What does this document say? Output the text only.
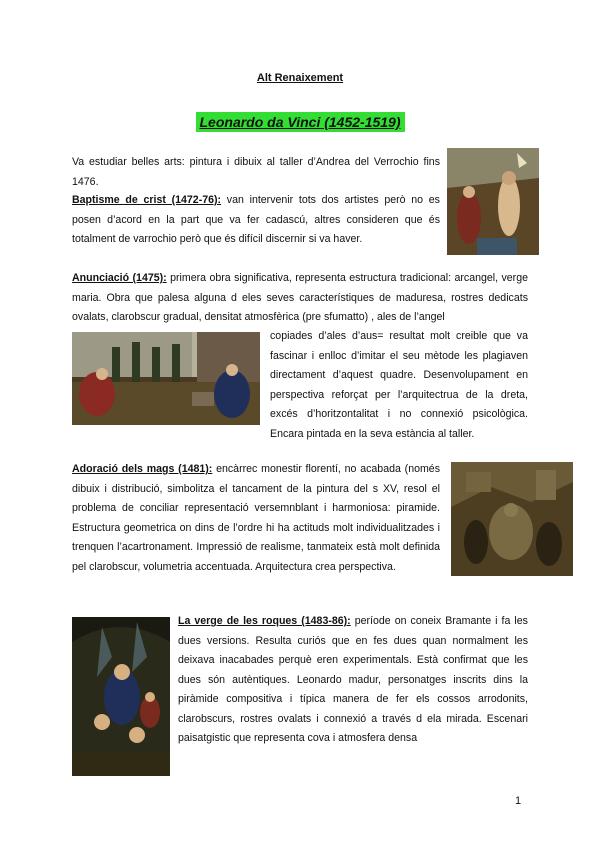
Alt Renaixement
Leonardo da Vinci (1452-1519)

Va estudiar belles arts: pintura i dibuix al taller d’Andrea del Verrochio fins 1476.

Baptisme de crist (1472-76): van intervenir tots dos artistes però no es posen d’acord en la part que va fer cadascú, altres consideren que és totalment de varrochio però que és difícil discernir si va haver.

Anunciació (1475): primera obra significativa, representa estructura tradicional: arcangel, verge maria. Obra que palesa alguna d eles seves característiques de maduresa, rostres dedicats ovalats, clarobscur gradual, densitat atmosfèrica (pre sfumatto) , ales de l’angel

copiades d’ales d’aus= resultat molt creible que va fascinar i enlloc d’imitar el seu mètode les plagiaven directament d’aquest quadre. Desenvolupament en perspectiva reforçat per l’arquitectrua de la dreta, excés d’horitzontalitat i no connexió psicològica. Encara pintada en la seva estància al taller.

Adoració dels mags (1481): encàrrec monestir florentí, no acabada (només dibuix i distribució, simbolitza el tancament de la pintura del s XV, resol el problema de conciliar representació versemnblant i harmoniosa: piramide. Estructura geometrica on dins de l’ordre hi ha actituds molt individualitzades i trenquen l’acartronament. Impressió de realisme, tanmateix està molt definida pel clarobscur, volumetria accentuada. Arquitectura crea perspectiva.

La verge de les roques (1483-86): període on coneix Bramante i fa les dues versions. Resulta curiós que en fes dues quan normalment les deixava inacabades perquè eren experimentals. Està confirmat que les dues són autèntiques. Leonardo madur, personatges inscrits dins la piràmide compositiva i típica manera de fer els cossos arrodonits, clarobscurs, rostres ovalats i connexió a través d ela mirada. Escenari paisatgistic que representa cova i atmosfera densa

1
